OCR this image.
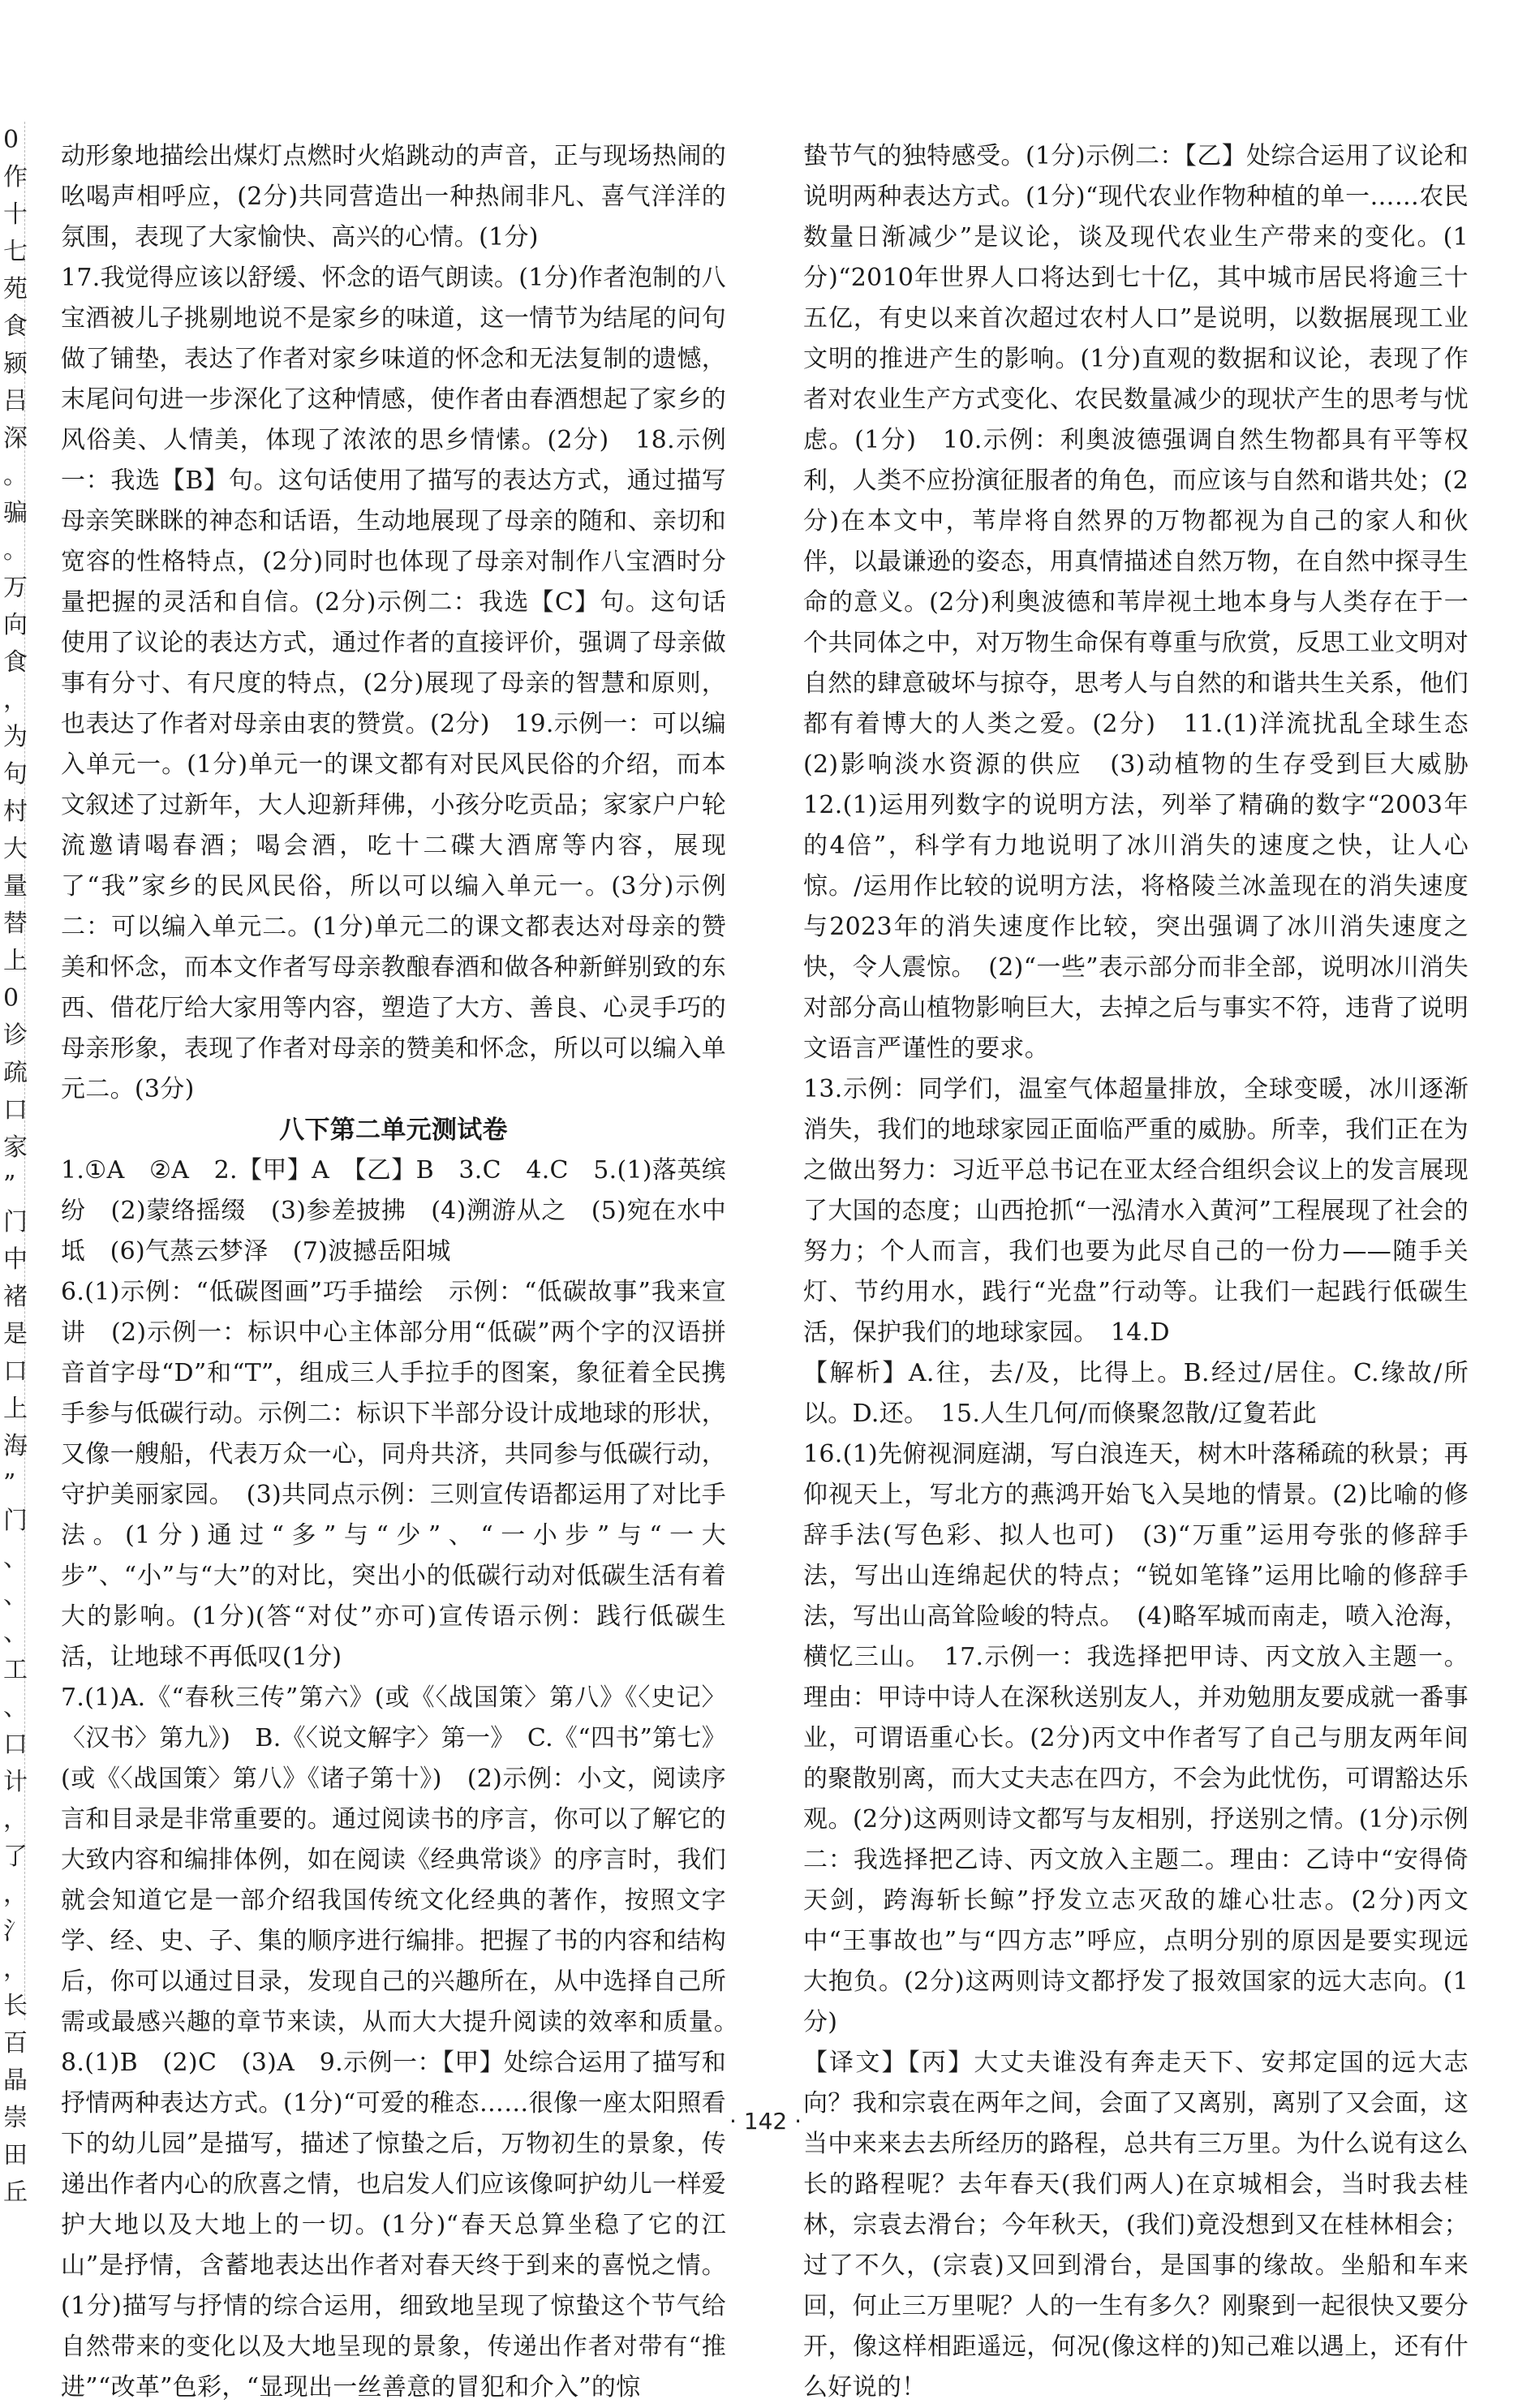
0
作
十
七
苑
食
颍
吕
深
。
骗
。
万
向
食
，
为
句
村
大
量
替
上
0
诊
疏
口
家
”
门
中
褚
是
口
上
海
”
门
、
、
、
工
、
口
计
，
了
，
氵
，
长
百
晶
崇
田
丘

动形象地描绘出煤灯点燃时火焰跳动的声音，正与现场热闹的吆喝声相呼应，(2分)共同营造出一种热闹非凡、喜气洋洋的氛围，表现了大家愉快、高兴的心情。(1分)

17.我觉得应该以舒缓、怀念的语气朗读。(1分)作者泡制的八宝酒被儿子挑剔地说不是家乡的味道，这一情节为结尾的问句做了铺垫，表达了作者对家乡味道的怀念和无法复制的遗憾，末尾问句进一步深化了这种情感，使作者由春酒想起了家乡的风俗美、人情美，体现了浓浓的思乡情愫。(2分)　18.示例一：我选【B】句。这句话使用了描写的表达方式，通过描写母亲笑眯眯的神态和话语，生动地展现了母亲的随和、亲切和宽容的性格特点，(2分)同时也体现了母亲对制作八宝酒时分量把握的灵活和自信。(2分)示例二：我选【C】句。这句话使用了议论的表达方式，通过作者的直接评价，强调了母亲做事有分寸、有尺度的特点，(2分)展现了母亲的智慧和原则，也表达了作者对母亲由衷的赞赏。(2分)　19.示例一：可以编入单元一。(1分)单元一的课文都有对民风民俗的介绍，而本文叙述了过新年，大人迎新拜佛，小孩分吃贡品；家家户户轮流邀请喝春酒；喝会酒，吃十二碟大酒席等内容，展现了“我”家乡的民风民俗，所以可以编入单元一。(3分)示例二：可以编入单元二。(1分)单元二的课文都表达对母亲的赞美和怀念，而本文作者写母亲教酿春酒和做各种新鲜别致的东西、借花厅给大家用等内容，塑造了大方、善良、心灵手巧的母亲形象，表现了作者对母亲的赞美和怀念，所以可以编入单元二。(3分)

八下第二单元测试卷

1.①A　②A　2.【甲】A　【乙】B　3.C　4.C　5.(1)落英缤纷　(2)蒙络摇缀　(3)参差披拂　(4)溯游从之　(5)宛在水中坻　(6)气蒸云梦泽　(7)波撼岳阳城

6.(1)示例：“低碳图画”巧手描绘　示例：“低碳故事”我来宣讲　(2)示例一：标识中心主体部分用“低碳”两个字的汉语拼音首字母“D”和“T”，组成三人手拉手的图案，象征着全民携手参与低碳行动。示例二：标识下半部分设计成地球的形状，又像一艘船，代表万众一心，同舟共济，共同参与低碳行动，守护美丽家园。　(3)共同点示例：三则宣传语都运用了对比手法。(1分)通过“多”与“少”、“一小步”与“一大步”、“小”与“大”的对比，突出小的低碳行动对低碳生活有着大的影响。(1分)(答“对仗”亦可)宣传语示例：践行低碳生活，让地球不再低叹(1分)

7.(1)A.《“春秋三传”第六》(或《〈战国策〉第八》《〈史记〉〈汉书〉第九》)　B.《〈说文解字〉第一》　C.《“四书”第七》(或《〈战国策〉第八》《诸子第十》)　(2)示例：小文，阅读序言和目录是非常重要的。通过阅读书的序言，你可以了解它的大致内容和编排体例，如在阅读《经典常谈》的序言时，我们就会知道它是一部介绍我国传统文化经典的著作，按照文字学、经、史、子、集的顺序进行编排。把握了书的内容和结构后，你可以通过目录，发现自己的兴趣所在，从中选择自己所需或最感兴趣的章节来读，从而大大提升阅读的效率和质量。　8.(1)B　(2)C　(3)A　9.示例一：【甲】处综合运用了描写和抒情两种表达方式。(1分)“可爱的稚态……很像一座太阳照看下的幼儿园”是描写，描述了惊蛰之后，万物初生的景象，传递出作者内心的欣喜之情，也启发人们应该像呵护幼儿一样爱护大地以及大地上的一切。(1分)“春天总算坐稳了它的江山”是抒情，含蓄地表达出作者对春天终于到来的喜悦之情。(1分)描写与抒情的综合运用，细致地呈现了惊蛰这个节气给自然带来的变化以及大地呈现的景象，传递出作者对带有“推进”“改革”色彩，“显现出一丝善意的冒犯和介入”的惊

蛰节气的独特感受。(1分)示例二：【乙】处综合运用了议论和说明两种表达方式。(1分)“现代农业作物种植的单一……农民数量日渐减少”是议论，谈及现代农业生产带来的变化。(1分)“2010年世界人口将达到七十亿，其中城市居民将逾三十五亿，有史以来首次超过农村人口”是说明，以数据展现工业文明的推进产生的影响。(1分)直观的数据和议论，表现了作者对农业生产方式变化、农民数量减少的现状产生的思考与忧虑。(1分)　10.示例：利奥波德强调自然生物都具有平等权利，人类不应扮演征服者的角色，而应该与自然和谐共处；(2分)在本文中，苇岸将自然界的万物都视为自己的家人和伙伴，以最谦逊的姿态，用真情描述自然万物，在自然中探寻生命的意义。(2分)利奥波德和苇岸视土地本身与人类存在于一个共同体之中，对万物生命保有尊重与欣赏，反思工业文明对自然的肆意破坏与掠夺，思考人与自然的和谐共生关系，他们都有着博大的人类之爱。(2分)　11.(1)洋流扰乱全球生态　(2)影响淡水资源的供应　(3)动植物的生存受到巨大威胁　12.(1)运用列数字的说明方法，列举了精确的数字“2003年的4倍”，科学有力地说明了冰川消失的速度之快，让人心惊。/运用作比较的说明方法，将格陵兰冰盖现在的消失速度与2023年的消失速度作比较，突出强调了冰川消失速度之快，令人震惊。　(2)“一些”表示部分而非全部，说明冰川消失对部分高山植物影响巨大，去掉之后与事实不符，违背了说明文语言严谨性的要求。

13.示例：同学们，温室气体超量排放，全球变暖，冰川逐渐消失，我们的地球家园正面临严重的威胁。所幸，我们正在为之做出努力：习近平总书记在亚太经合组织会议上的发言展现了大国的态度；山西抢抓“一泓清水入黄河”工程展现了社会的努力；个人而言，我们也要为此尽自己的一份力——随手关灯、节约用水，践行“光盘”行动等。让我们一起践行低碳生活，保护我们的地球家园。　14.D

【解析】A.往，去/及，比得上。B.经过/居住。C.缘故/所以。D.还。　15.人生几何/而倏聚忽散/辽夐若此

16.(1)先俯视洞庭湖，写白浪连天，树木叶落稀疏的秋景；再仰视天上，写北方的燕鸿开始飞入吴地的情景。(2)比喻的修辞手法(写色彩、拟人也可)　(3)“万重”运用夸张的修辞手法，写出山连绵起伏的特点；“锐如笔锋”运用比喻的修辞手法，写出山高耸险峻的特点。　(4)略军城而南走，喷入沧海，横忆三山。　17.示例一：我选择把甲诗、丙文放入主题一。理由：甲诗中诗人在深秋送别友人，并劝勉朋友要成就一番事业，可谓语重心长。(2分)丙文中作者写了自己与朋友两年间的聚散别离，而大丈夫志在四方，不会为此忧伤，可谓豁达乐观。(2分)这两则诗文都写与友相别，抒送别之情。(1分)示例二：我选择把乙诗、丙文放入主题二。理由：乙诗中“安得倚天剑，跨海斩长鲸”抒发立志灭敌的雄心壮志。(2分)丙文中“王事故也”与“四方志”呼应，点明分别的原因是要实现远大抱负。(2分)这两则诗文都抒发了报效国家的远大志向。(1分)

【译文】【丙】大丈夫谁没有奔走天下、安邦定国的远大志向？我和宗袁在两年之间，会面了又离别，离别了又会面，这当中来来去去所经历的路程，总共有三万里。为什么说有这么长的路程呢？去年春天(我们两人)在京城相会，当时我去桂林，宗袁去滑台；今年秋天，(我们)竟没想到又在桂林相会；过了不久，(宗袁)又回到滑台，是国事的缘故。坐船和车来回，何止三万里呢？人的一生有多久？刚聚到一起很快又要分开，像这样相距遥远，何况(像这样的)知己难以遇上，还有什么好说的！

· 142 ·
